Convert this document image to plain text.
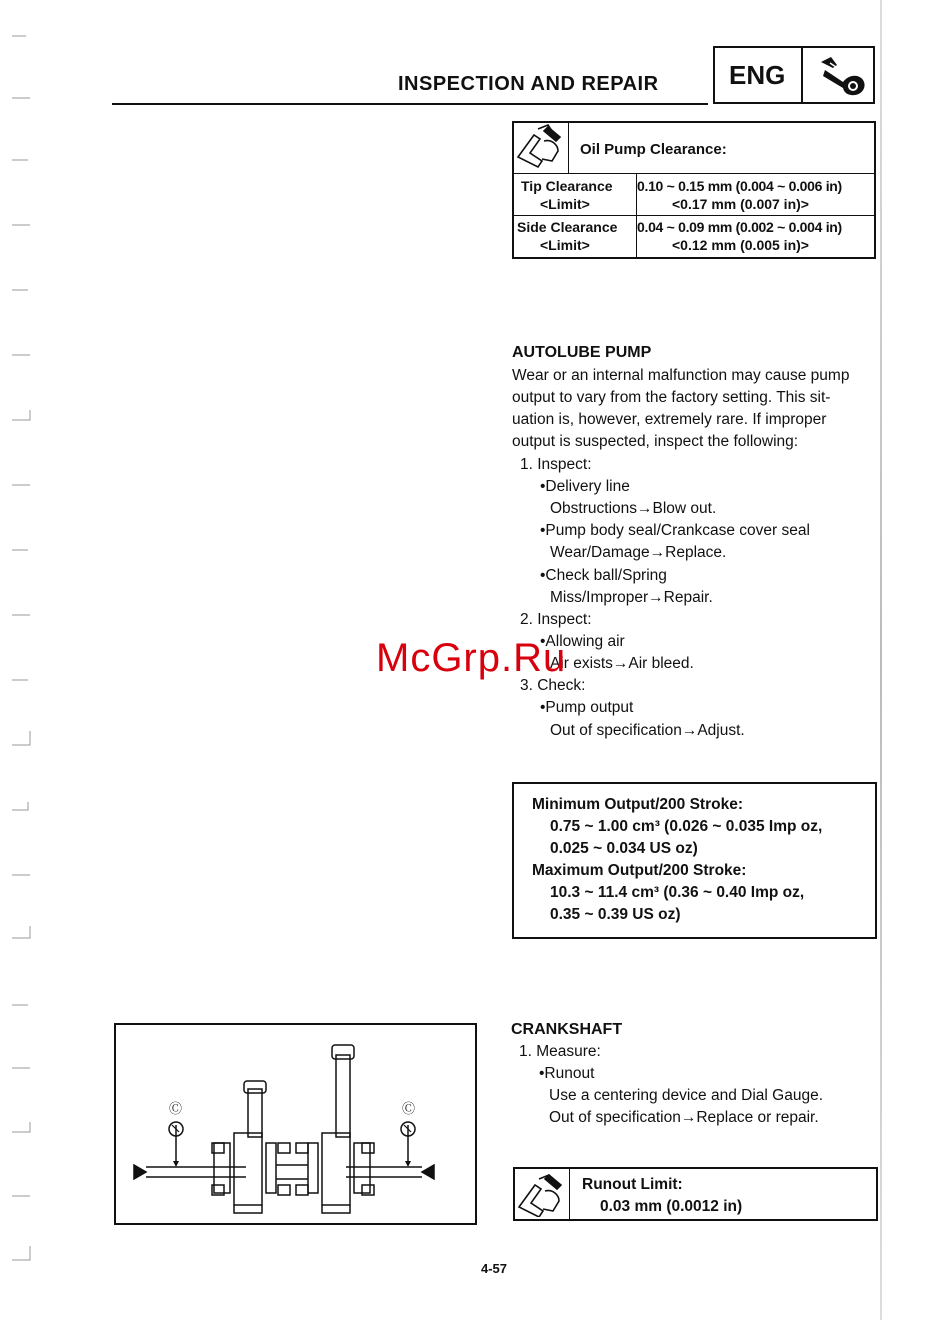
INSPECTION AND REPAIR	ENG
Oil Pump Clearance:
Tip Clearance
<Limit>
0.10 ~ 0.15 mm (0.004 ~ 0.006 in)
<0.17 mm (0.007 in)>
Side Clearance
<Limit>
0.04 ~ 0.09 mm (0.002 ~ 0.004 in)
<0.12 mm (0.005 in)>
AUTOLUBE PUMP
Wear or an internal malfunction may cause pump
output to vary from the factory setting. This sit-
uation is, however, extremely rare. If improper
output is suspected, inspect the following:
1. Inspect:
•Delivery line
Obstructions→Blow out.
•Pump body seal/Crankcase cover seal
Wear/Damage→Replace.
•Check ball/Spring
Miss/Improper→Repair.
2. Inspect:
•Allowing air
Air exists→Air bleed.
3. Check:
•Pump output
Out of specification→Adjust.
McGrp.Ru
Minimum Output/200 Stroke:
0.75 ~ 1.00 cm³ (0.026 ~ 0.035 Imp oz,
0.025 ~ 0.034 US oz)
Maximum Output/200 Stroke:
10.3 ~ 11.4 cm³ (0.36 ~ 0.40 Imp oz,
0.35 ~ 0.39 US oz)
CRANKSHAFT
1. Measure:
•Runout
Use a centering device and Dial Gauge.
Out of specification→Replace or repair.
Runout Limit:
0.03 mm (0.0012 in)
Ⓒ	Ⓒ
4-57
